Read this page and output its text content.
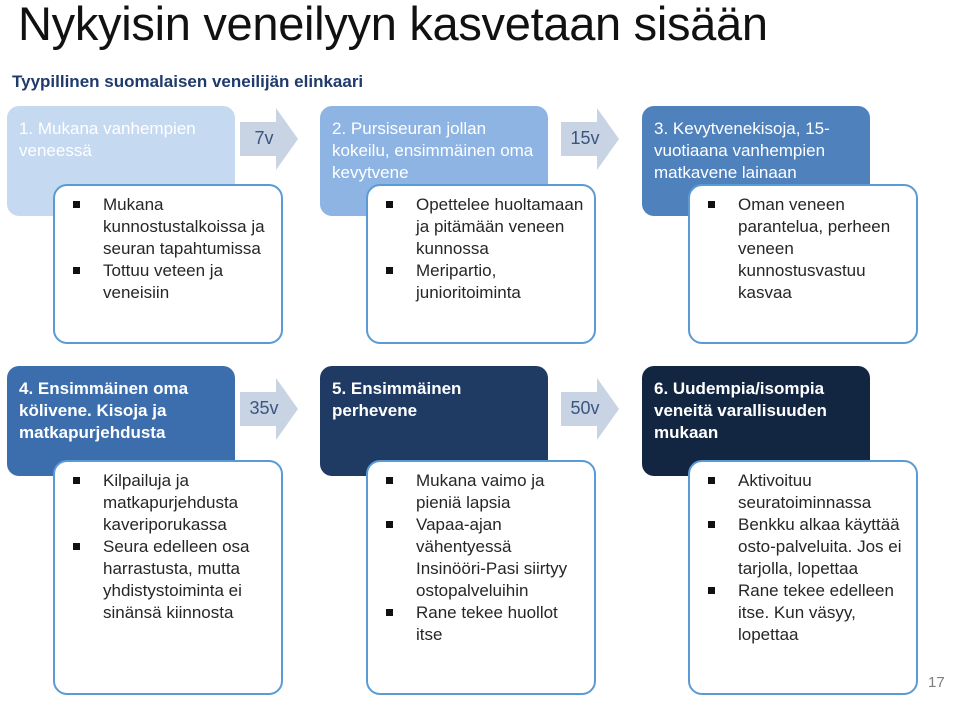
Nykyisin veneilyyn kasvetaan sisään
Tyypillinen suomalaisen veneilijän elinkaari
1. Mukana vanhempien veneessä
Mukana kunnostustalkoissa ja seuran tapahtumissa
Tottuu veteen ja veneisiin
7v	2. Pursiseuran jollan kokeilu, ensimmäinen oma kevytvene
Opettelee huoltamaan ja pitämään veneen kunnossa
Meripartio, junioritoiminta
15v	3. Kevytvenekisoja, 15-vuotiaana vanhempien matkavene lainaan
Oman veneen parantelua, perheen veneen kunnostusvastuu kasvaa
4. Ensimmäinen oma kölivene. Kisoja ja matkapurjehdusta
Kilpailuja ja matkapurjehdusta kaveriporukassa
Seura edelleen osa harrastusta, mutta yhdistystoiminta ei sinänsä kiinnosta
35v
5. Ensimmäinen perhevene
Mukana vaimo ja pieniä lapsia
Vapaa-ajan vähentyessä Insinööri-Pasi siirtyy ostopalveluihin
Rane tekee huollot itse
50v
6. Uudempia/isompia veneitä varallisuuden mukaan
Aktivoituu seuratoiminnassa
Benkku alkaa käyttää osto-palveluita. Jos ei tarjolla, lopettaa
Rane tekee edelleen itse. Kun väsyy, lopettaa
17
